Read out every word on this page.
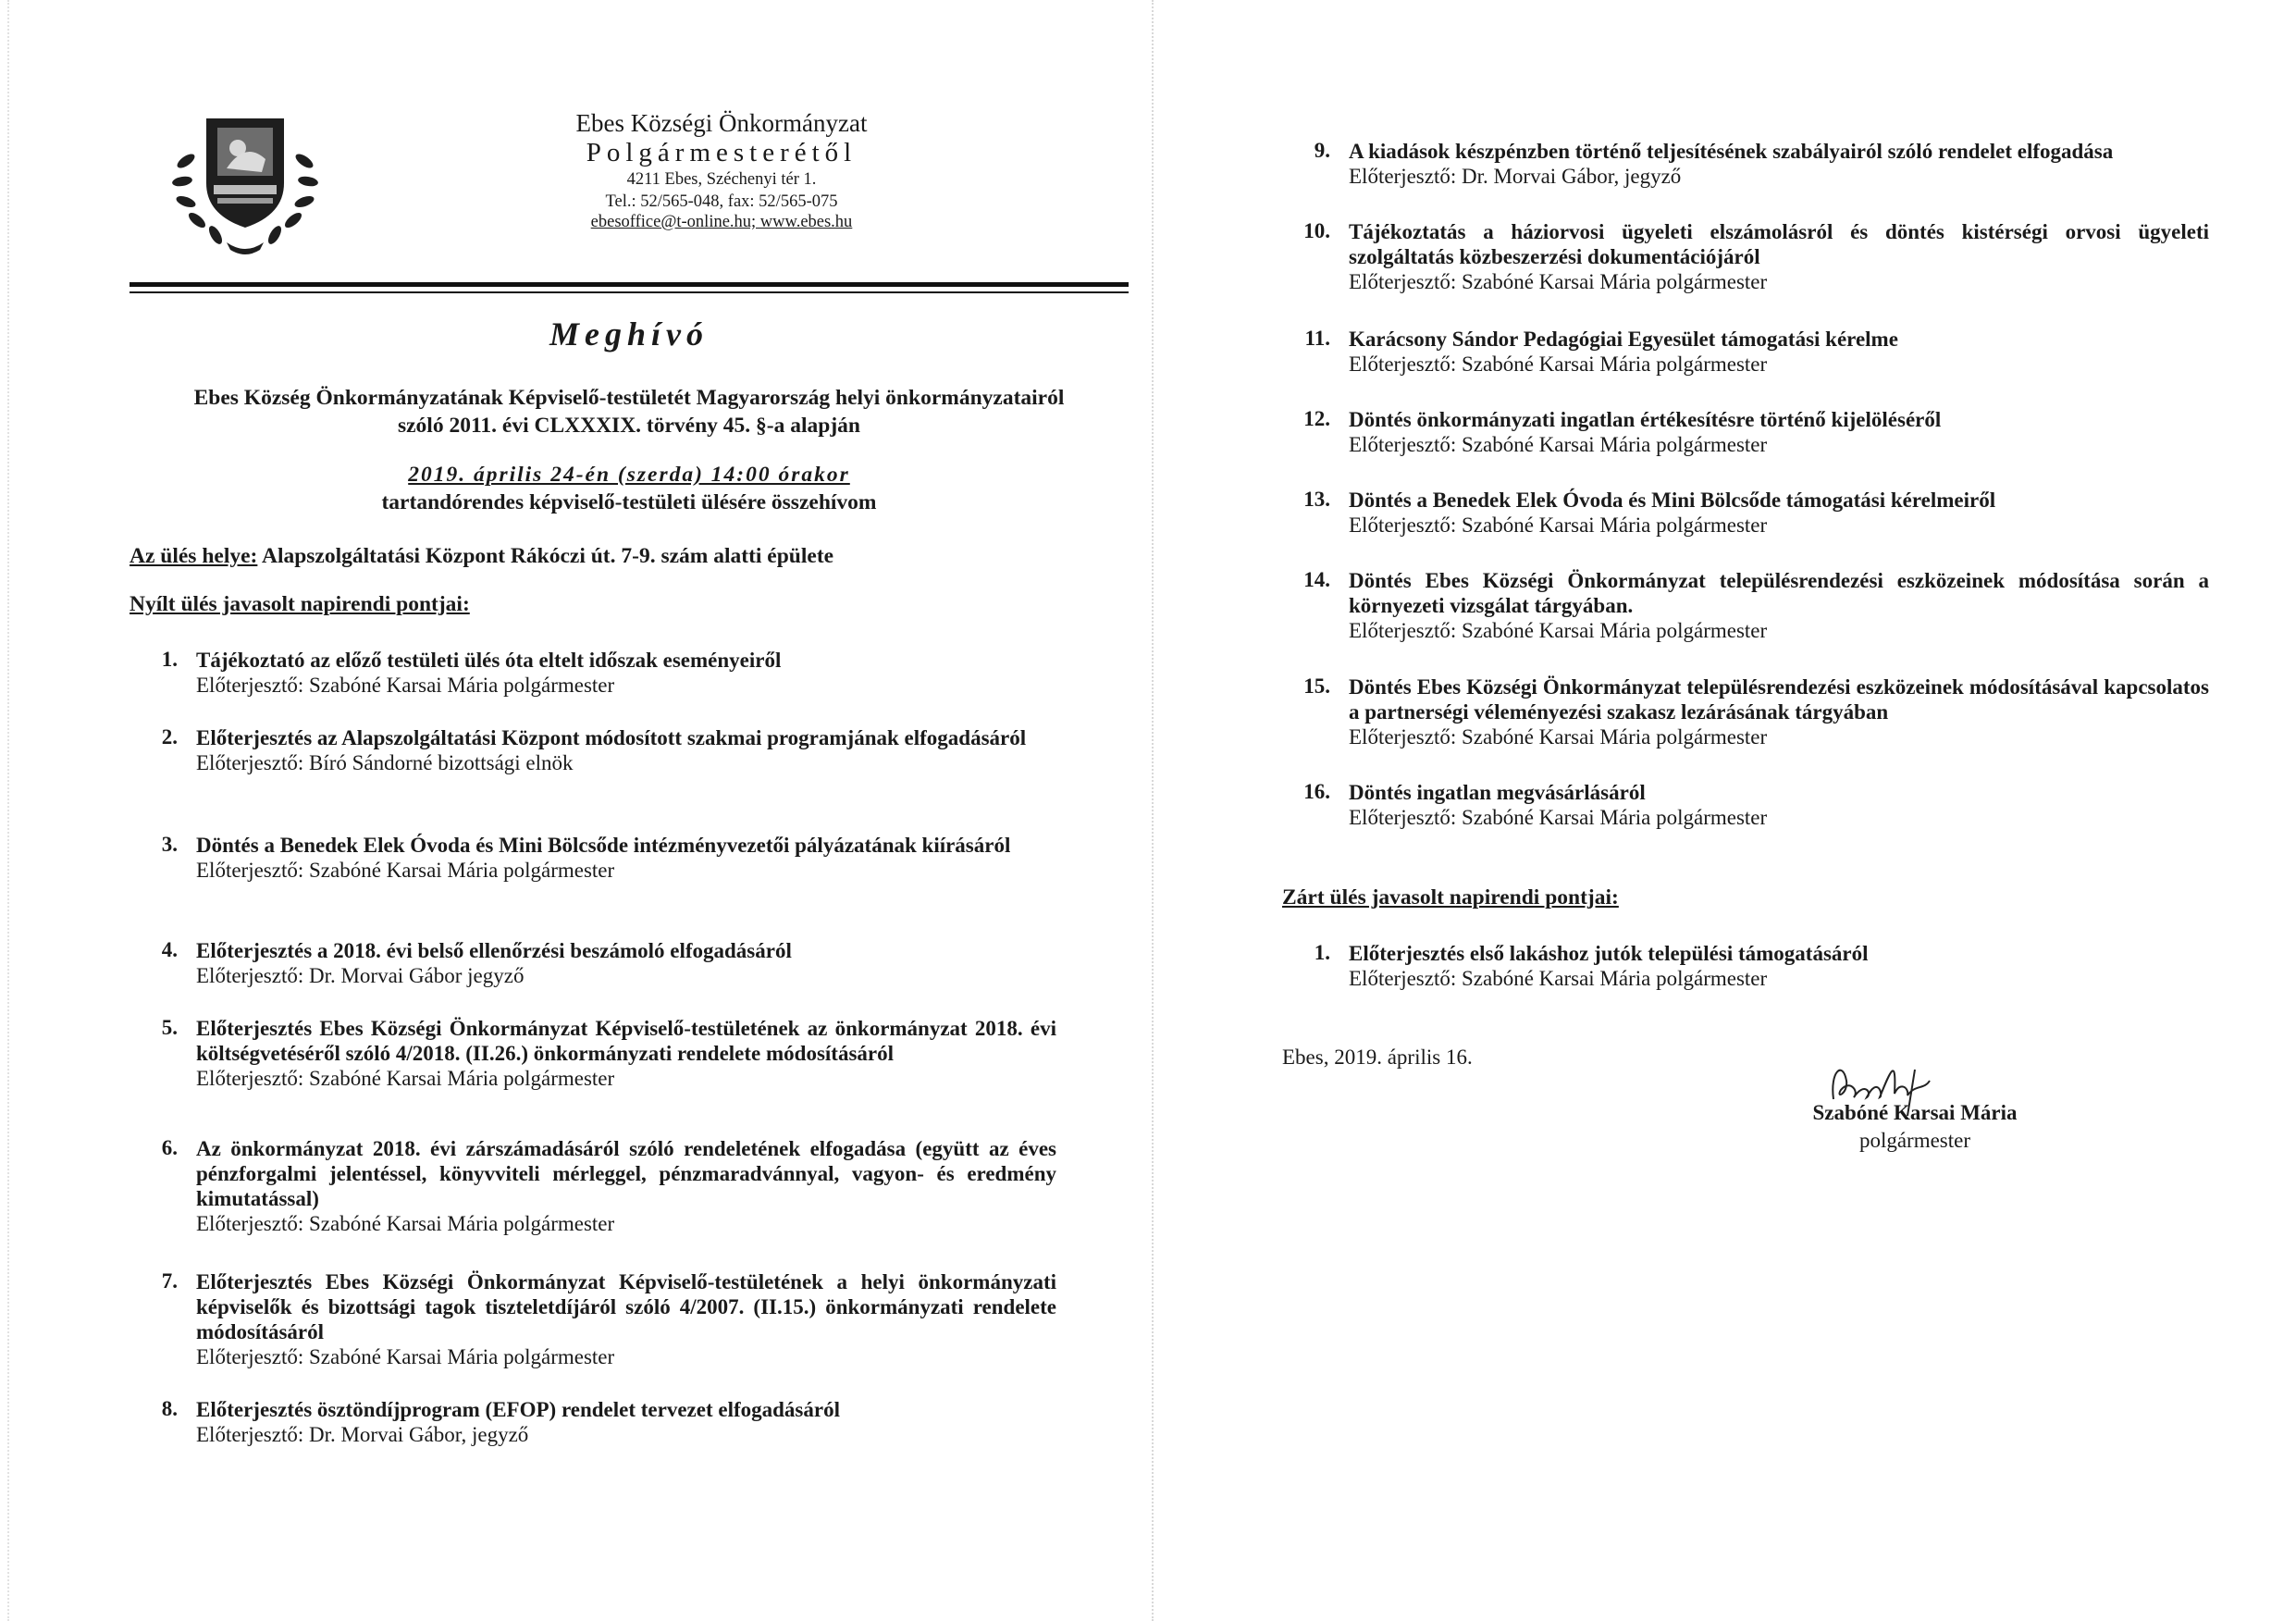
Ebes Községi Önkormányzat
Polgármesterétől
4211 Ebes, Széchenyi tér 1.
Tel.: 52/565-048, fax: 52/565-075
ebesoffice@t-online.hu; www.ebes.hu
Meghívó
Ebes Község Önkormányzatának Képviselő-testületét Magyarország helyi önkormányzatairól
szóló 2011. évi CLXXXIX. törvény 45. §-a alapján
2019. április 24-én (szerda) 14:00 órakor
tartandórendes képviselő-testületi ülésére összehívom
Az ülés helye: Alapszolgáltatási Központ Rákóczi út. 7-9. szám alatti épülete
Nyílt ülés javasolt napirendi pontjai:
1. Tájékoztató az előző testületi ülés óta eltelt időszak eseményeiről
Előterjesztő: Szabóné Karsai Mária polgármester
2. Előterjesztés az Alapszolgáltatási Központ módosított szakmai programjának elfogadásáról
Előterjesztő: Bíró Sándorné bizottsági elnök
3. Döntés a Benedek Elek Óvoda és Mini Bölcsőde intézményvezetői pályázatának kiírásáról
Előterjesztő: Szabóné Karsai Mária polgármester
4. Előterjesztés a 2018. évi belső ellenőrzési beszámoló elfogadásáról
Előterjesztő: Dr. Morvai Gábor jegyző
5. Előterjesztés Ebes Községi Önkormányzat Képviselő-testületének az önkormányzat 2018. évi költségvetéséről szóló 4/2018. (II.26.) önkormányzati rendelete módosításáról
Előterjesztő: Szabóné Karsai Mária polgármester
6. Az önkormányzat 2018. évi zárszámadásáról szóló rendeletének elfogadása (együtt az éves pénzforgalmi jelentéssel, könyvviteli mérleggel, pénzmaradvánnyal, vagyon- és eredmény kimutatással)
Előterjesztő: Szabóné Karsai Mária polgármester
7. Előterjesztés Ebes Községi Önkormányzat Képviselő-testületének a helyi önkormányzati képviselők és bizottsági tagok tiszteletdíjáról szóló 4/2007. (II.15.) önkormányzati rendelete módosításáról
Előterjesztő: Szabóné Karsai Mária polgármester
8. Előterjesztés ösztöndíjprogram (EFOP) rendelet tervezet elfogadásáról
Előterjesztő: Dr. Morvai Gábor, jegyző
9. A kiadások készpénzben történő teljesítésének szabályairól szóló rendelet elfogadása
Előterjesztő: Dr. Morvai Gábor, jegyző
10. Tájékoztatás a háziorvosi ügyeleti elszámolásról és döntés kistérségi orvosi ügyeleti szolgáltatás közbeszerzési dokumentációjáról
Előterjesztő: Szabóné Karsai Mária polgármester
11. Karácsony Sándor Pedagógiai Egyesület támogatási kérelme
Előterjesztő: Szabóné Karsai Mária polgármester
12. Döntés önkormányzati ingatlan értékesítésre történő kijelöléséről
Előterjesztő: Szabóné Karsai Mária polgármester
13. Döntés a Benedek Elek Óvoda és Mini Bölcsőde támogatási kérelmeiről
Előterjesztő: Szabóné Karsai Mária polgármester
14. Döntés Ebes Községi Önkormányzat településrendezési eszközeinek módosítása során a környezeti vizsgálat tárgyában.
Előterjesztő: Szabóné Karsai Mária polgármester
15. Döntés Ebes Községi Önkormányzat településrendezési eszközeinek módosításával kapcsolatos a partnerségi véleményezési szakasz lezárásának tárgyában
Előterjesztő: Szabóné Karsai Mária polgármester
16. Döntés ingatlan megvásárlásáról
Előterjesztő: Szabóné Karsai Mária polgármester
Zárt ülés javasolt napirendi pontjai:
1. Előterjesztés első lakáshoz jutók települési támogatásáról
Előterjesztő: Szabóné Karsai Mária polgármester
Ebes, 2019. április 16.
Szabóné Karsai Mária
polgármester
